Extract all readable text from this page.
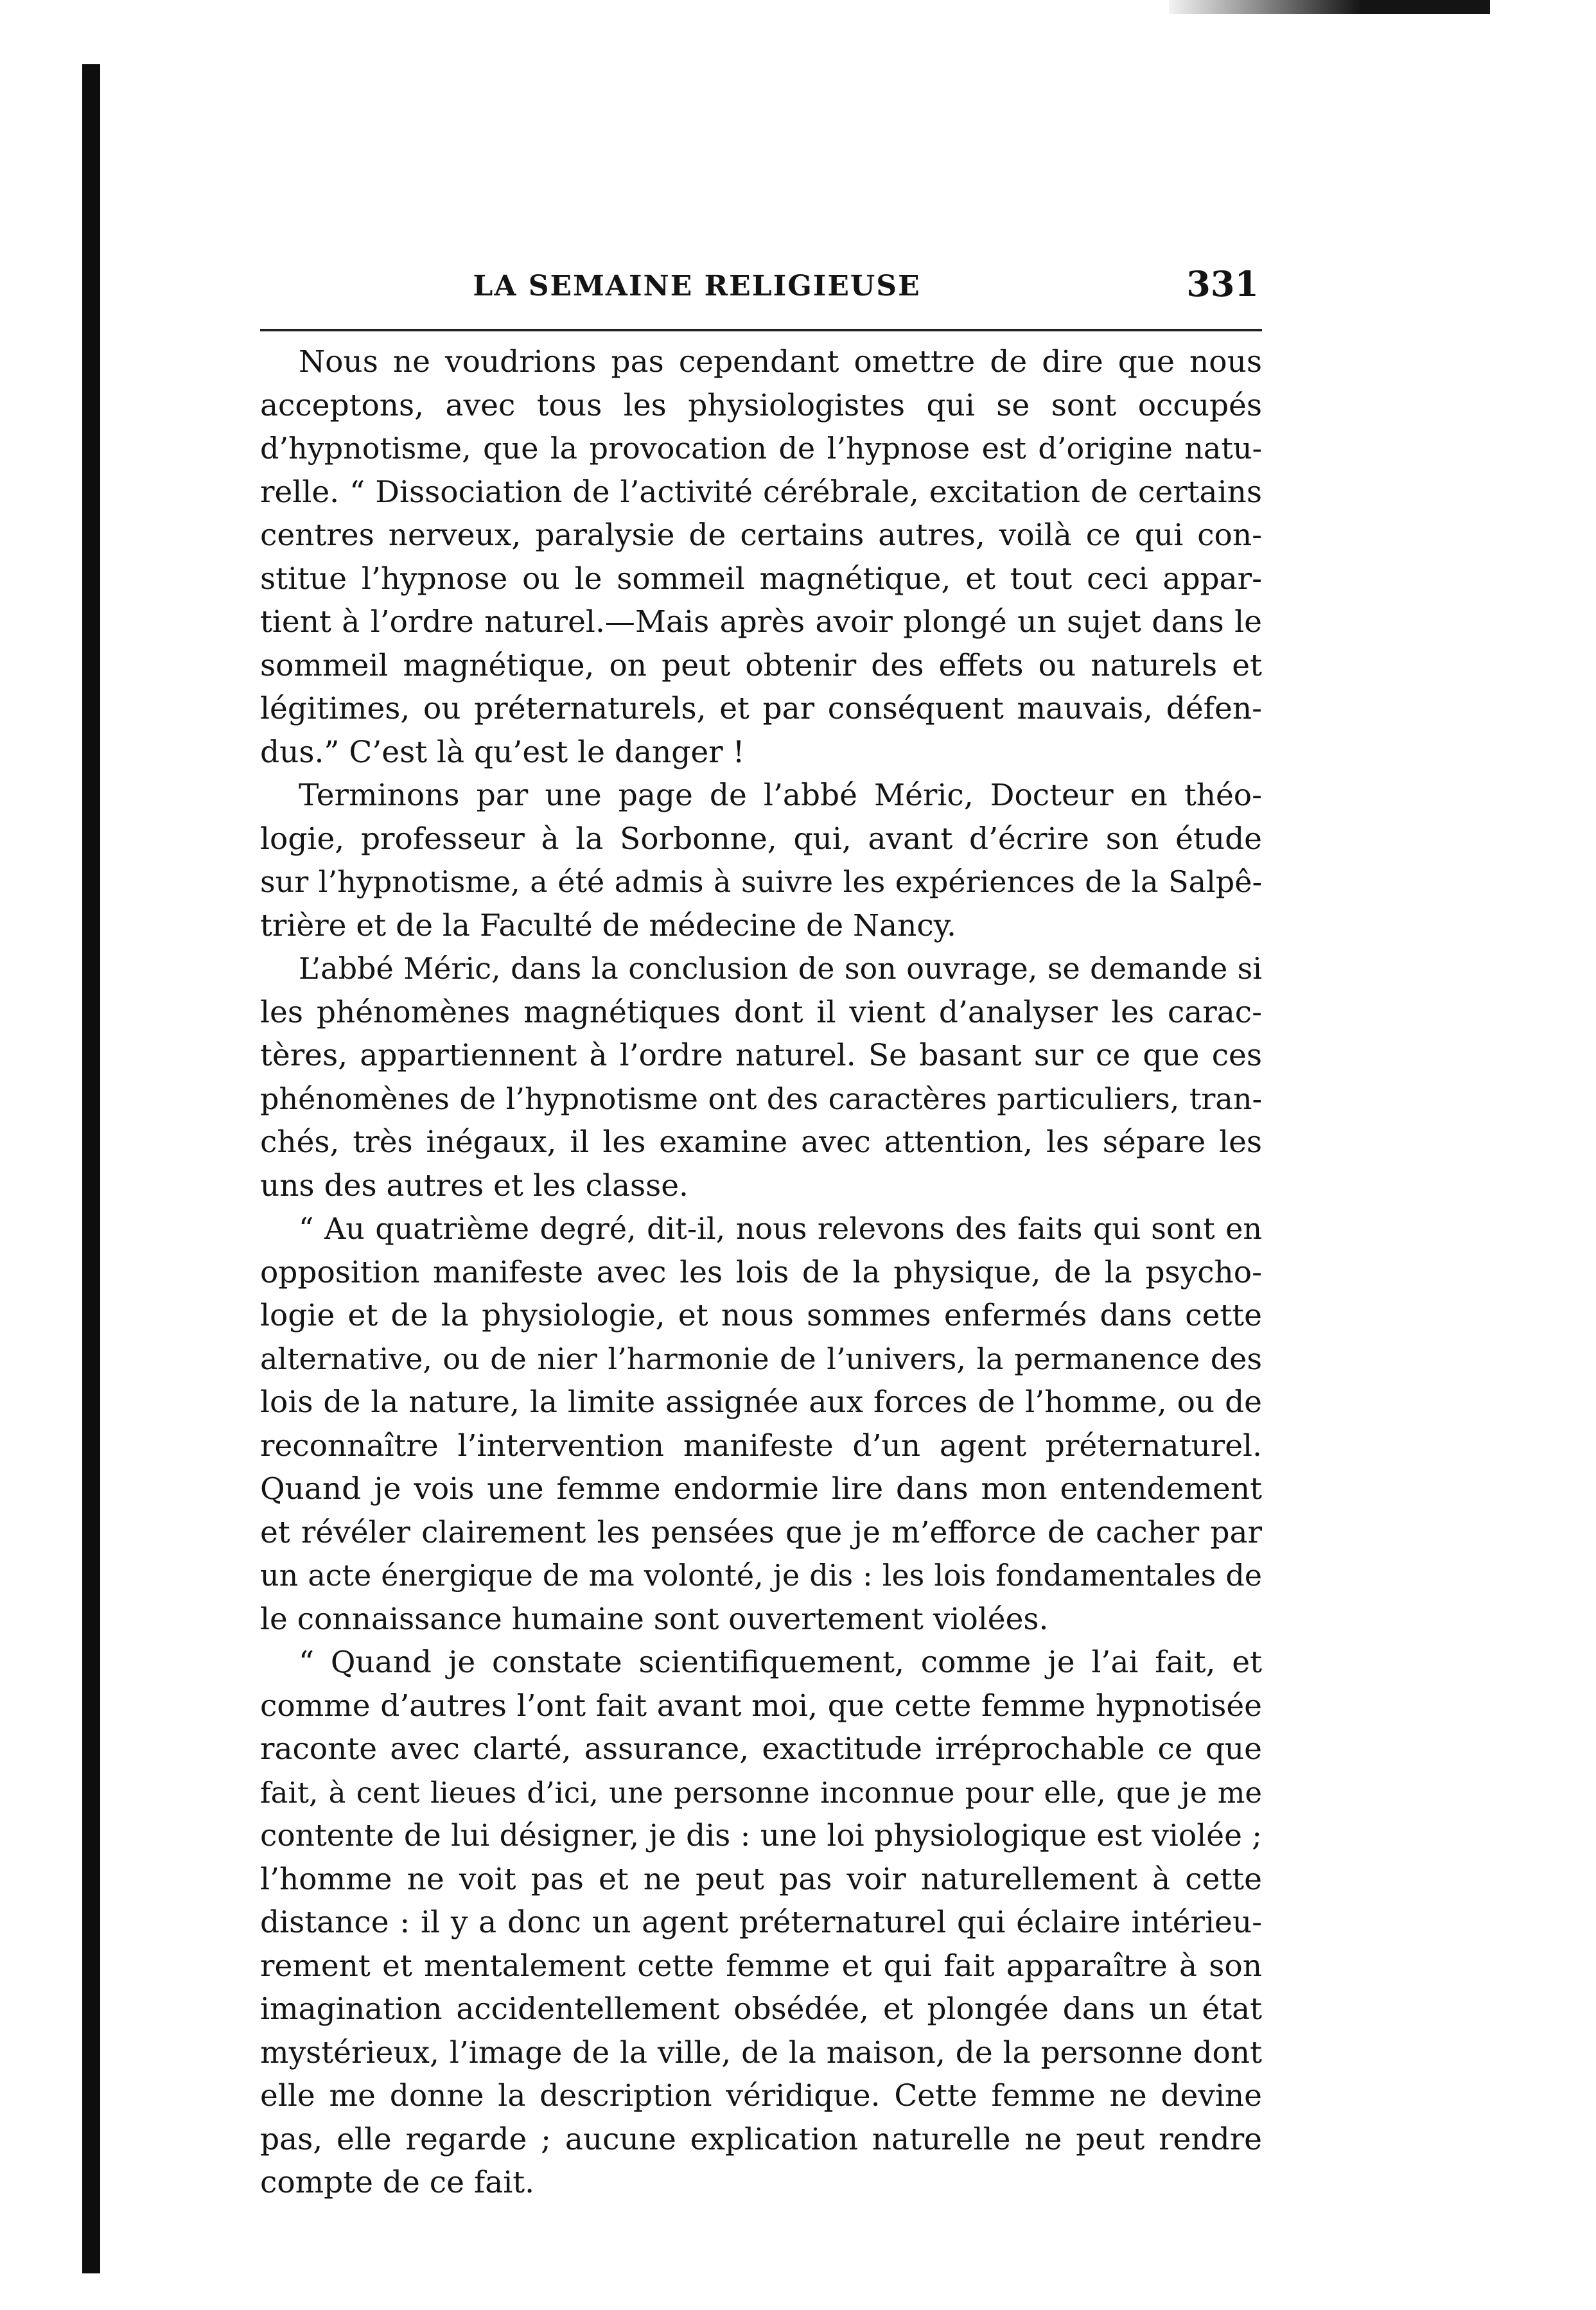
LA SEMAINE RELIGIEUSE	331
Nous ne voudrions pas cependant omettre de dire que nous
acceptons, avec tous les physiologistes qui se sont occupés
d’hypnotisme, que la provocation de l’hypnose est d’origine natu-
relle. “ Dissociation de l’activité cérébrale, excitation de certains
centres nerveux, paralysie de certains autres, voilà ce qui con-
stitue l’hypnose ou le sommeil magnétique, et tout ceci appar-
tient à l’ordre naturel.—Mais après avoir plongé un sujet dans le
sommeil magnétique, on peut obtenir des effets ou naturels et
légitimes, ou préternaturels, et par conséquent mauvais, défen-
dus.” C’est là qu’est le danger !
Terminons par une page de l’abbé Méric, Docteur en théo-
logie, professeur à la Sorbonne, qui, avant d’écrire son étude
sur l’hypnotisme, a été admis à suivre les expériences de la Salpê-
trière et de la Faculté de médecine de Nancy.
L’abbé Méric, dans la conclusion de son ouvrage, se demande si
les phénomènes magnétiques dont il vient d’analyser les carac-
tères, appartiennent à l’ordre naturel. Se basant sur ce que ces
phénomènes de l’hypnotisme ont des caractères particuliers, tran-
chés, très inégaux, il les examine avec attention, les sépare les
uns des autres et les classe.
“ Au quatrième degré, dit-il, nous relevons des faits qui sont en
opposition manifeste avec les lois de la physique, de la psycho-
logie et de la physiologie, et nous sommes enfermés dans cette
alternative, ou de nier l’harmonie de l’univers, la permanence des
lois de la nature, la limite assignée aux forces de l’homme, ou de
reconnaître l’intervention manifeste d’un agent préternaturel.
Quand je vois une femme endormie lire dans mon entendement
et révéler clairement les pensées que je m’efforce de cacher par
un acte énergique de ma volonté, je dis : les lois fondamentales de
le connaissance humaine sont ouvertement violées.
“ Quand je constate scientifiquement, comme je l’ai fait, et
comme d’autres l’ont fait avant moi, que cette femme hypnotisée
raconte avec clarté, assurance, exactitude irréprochable ce que
fait, à cent lieues d’ici, une personne inconnue pour elle, que je me
contente de lui désigner, je dis : une loi physiologique est violée ;
l’homme ne voit pas et ne peut pas voir naturellement à cette
distance : il y a donc un agent préternaturel qui éclaire intérieu-
rement et mentalement cette femme et qui fait apparaître à son
imagination accidentellement obsédée, et plongée dans un état
mystérieux, l’image de la ville, de la maison, de la personne dont
elle me donne la description véridique. Cette femme ne devine
pas, elle regarde ; aucune explication naturelle ne peut rendre
compte de ce fait.
